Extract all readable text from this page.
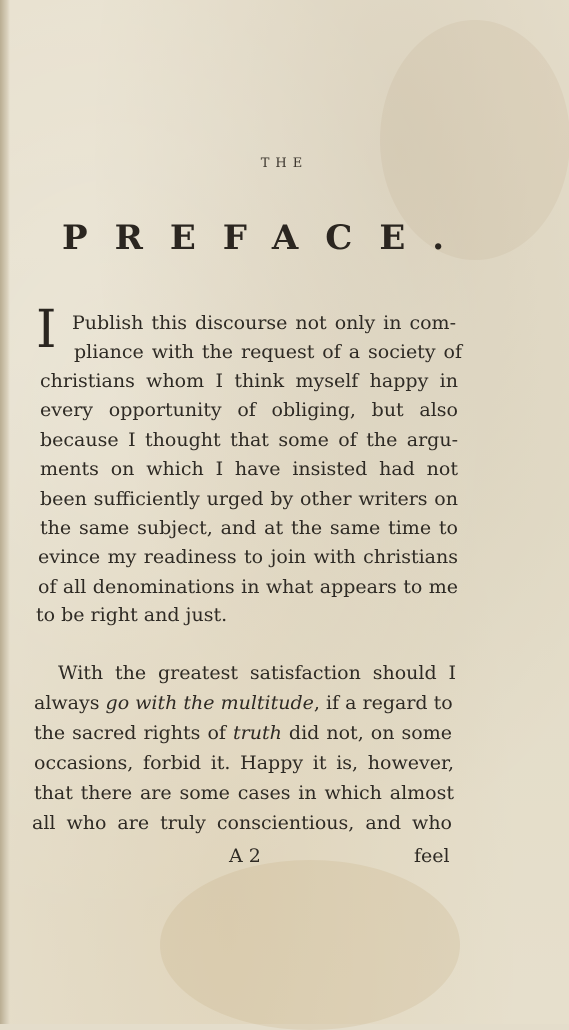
THE
PREFACE.
I Publish this discourse not only in com-
pliance with the request of a society of
christians whom I think myself happy in
every opportunity of obliging, but also
because I thought that some of the argu-
ments on which I have insisted had not
been sufficiently urged by other writers on
the same subject, and at the same time to
evince my readiness to join with christians
of all denominations in what appears to me
to be right and just.
With the greatest satisfaction should I
always go with the multitude, if a regard to
the sacred rights of truth did not, on some
occasions, forbid it. Happy it is, however,
that there are some cases in which almost
all who are truly conscientious, and who
A 2	feel
